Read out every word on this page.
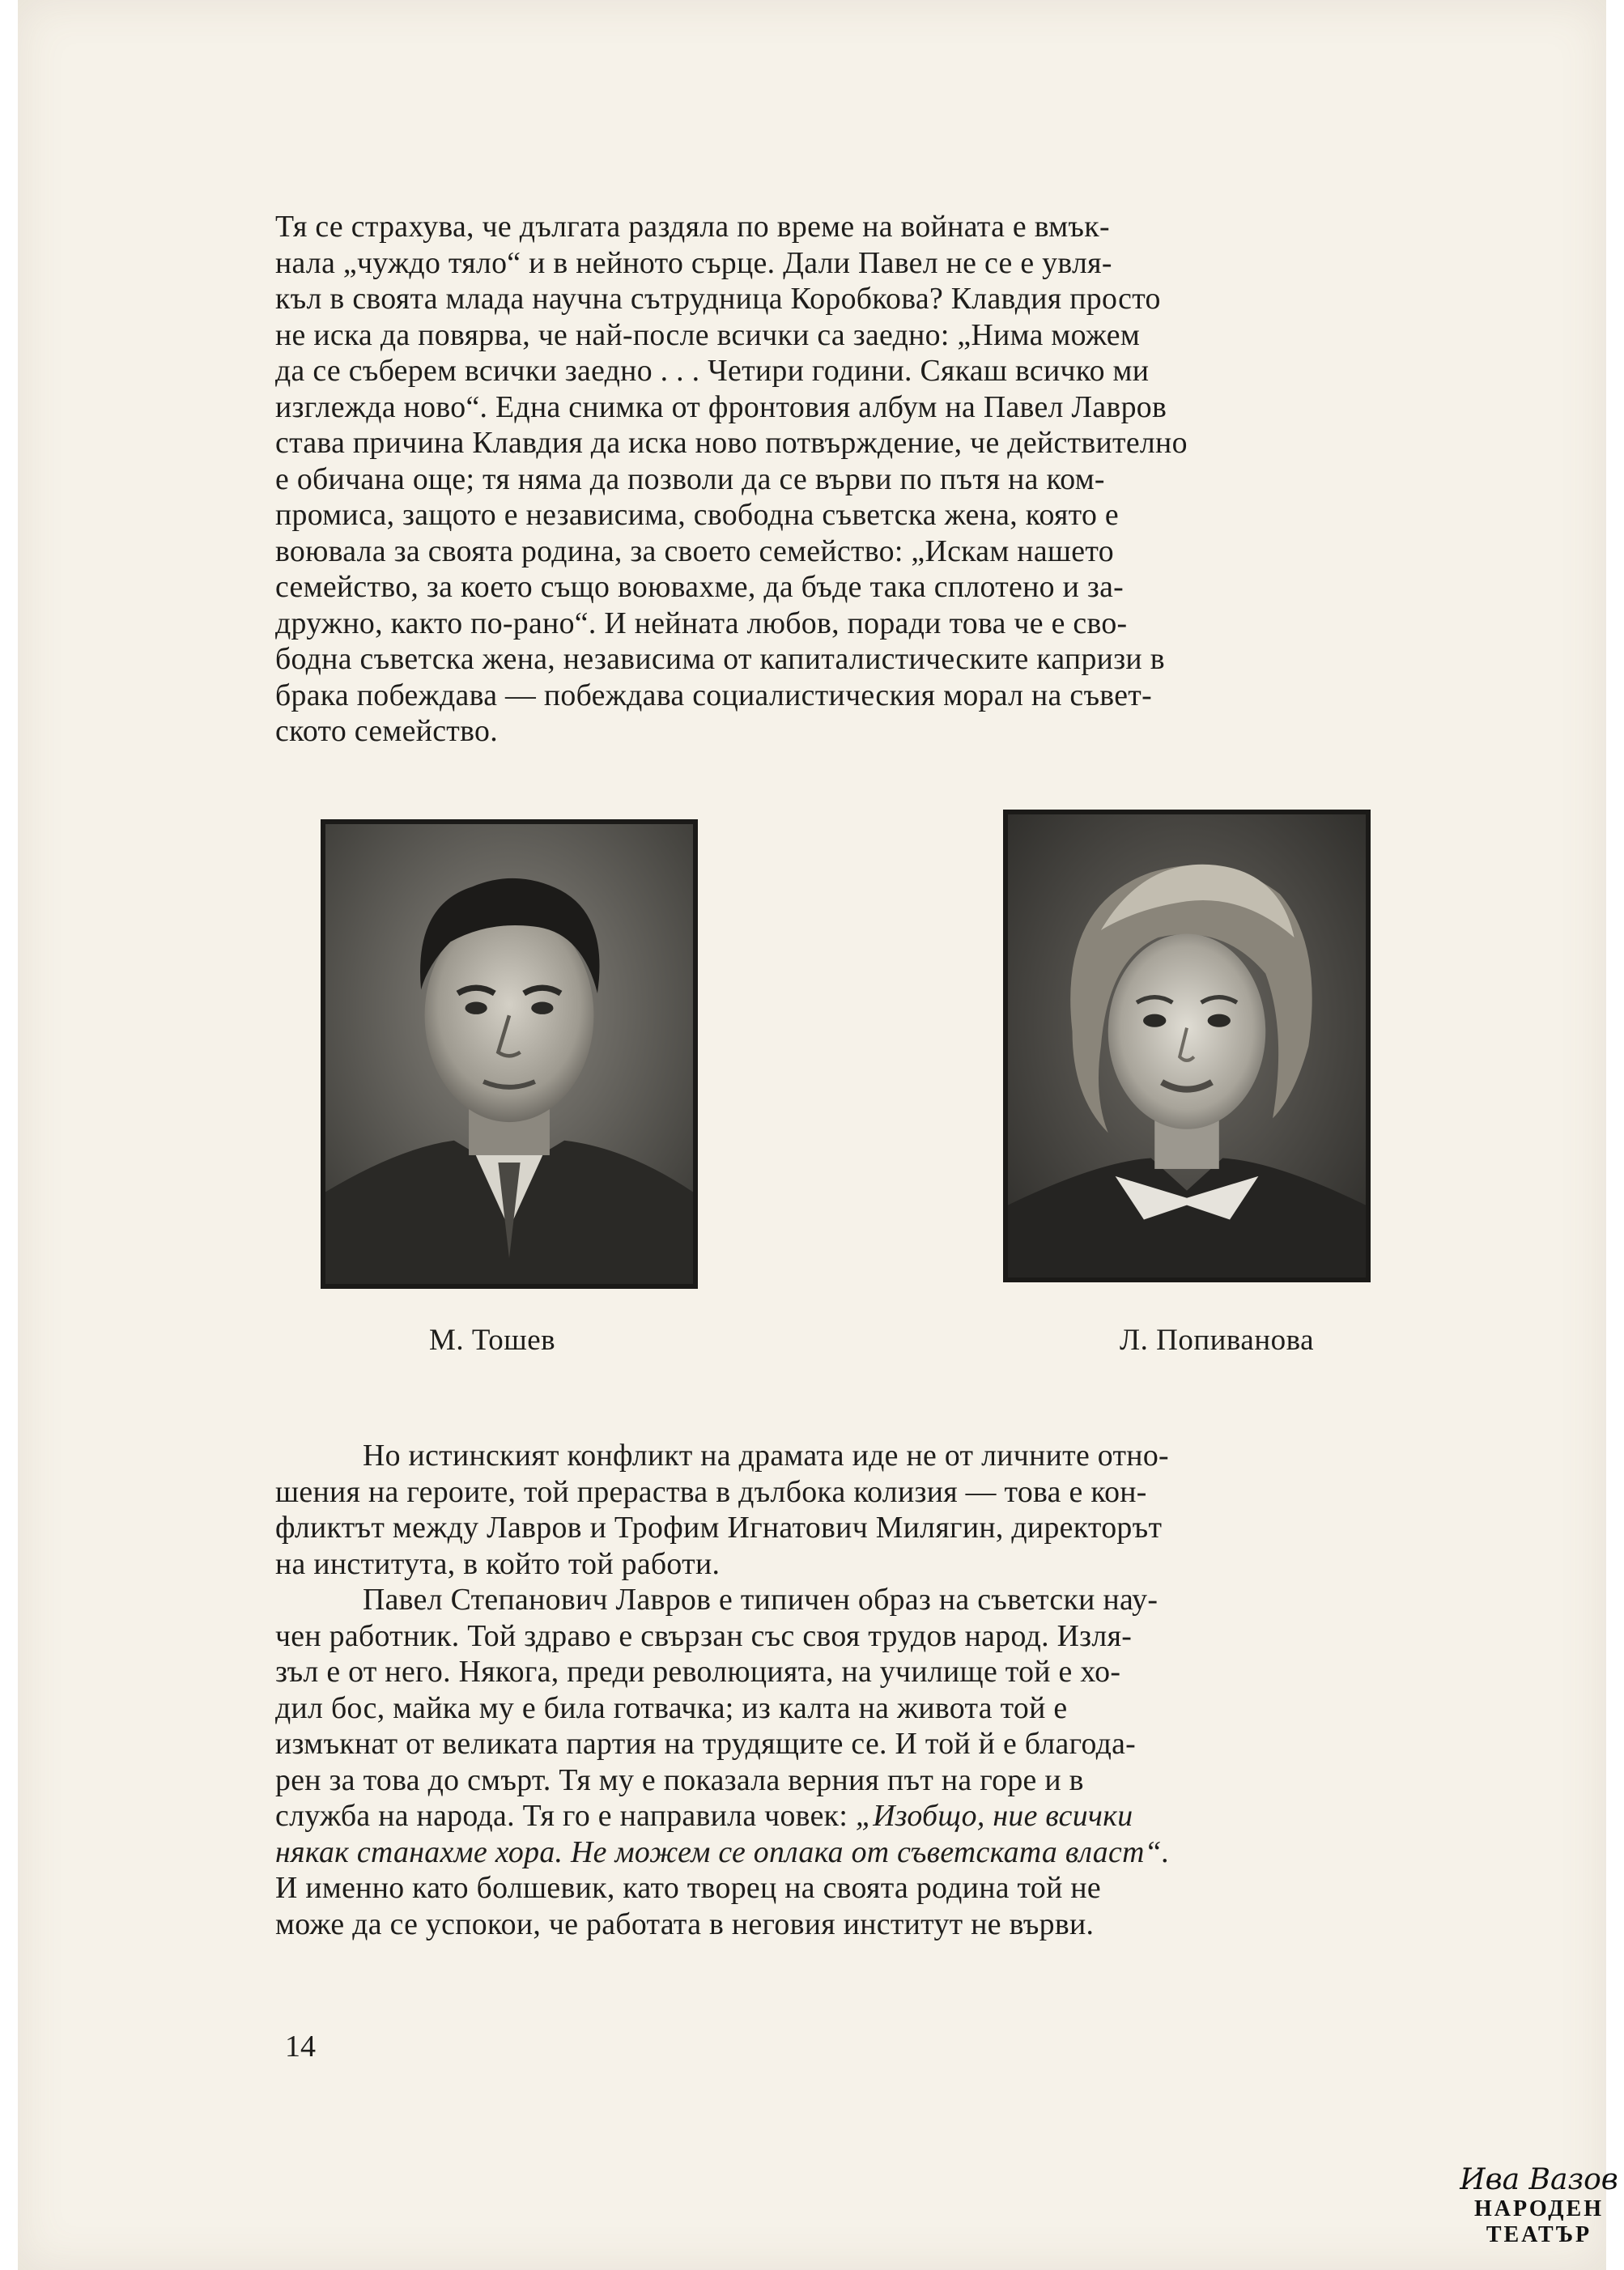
Тя се страхува, че дългата раздяла по време на войната е вмък-
нала „чуждо тяло“ и в нейното сърце. Дали Павел не се е увля-
къл в своята млада научна сътрудница Коробкова? Клавдия просто
не иска да повярва, че най-после всички са заедно: „Нима можем
да се съберем всички заедно . . . Четири години. Сякаш всичко ми
изглежда ново“. Една снимка от фронтовия албум на Павел Лавров
става причина Клавдия да иска ново потвърждение, че действително
е обичана още; тя няма да позволи да се върви по пътя на ком-
промиса, защото е независима, свободна съветска жена, която е
воювала за своята родина, за своето семейство: „Искам нашето
семейство, за което също воювахме, да бъде така сплотено и за-
дружно, както по-рано“. И нейната любов, поради това че е сво-
бодна съветска жена, независима от капиталистическите капризи в
брака побеждава — побеждава социалистическия морал на съвет-
ското семейство.

М. Тошев	Л. Попиванова

Но истинският конфликт на драмата иде не от личните отно-
шения на героите, той прераства в дълбока колизия — това е кон-
фликтът между Лавров и Трофим Игнатович Милягин, директорът
на института, в който той работи.

Павел Степанович Лавров е типичен образ на съветски нау-
чен работник. Той здраво е свързан със своя трудов народ. Изля-
зъл е от него. Някога, преди революцията, на училище той е хо-
дил бос, майка му е била готвачка; из калта на живота той е
измъкнат от великата партия на трудящите се. И той й е благода-
рен за това до смърт. Тя му е показала верния път на горе и в
служба на народа. Тя го е направила човек: „Изобщо, ние всички
някак станахме хора. Не можем се оплака от съветската власт“.
И именно като болшевик, като творец на своята родина той не
може да се успокои, че работата в неговия институт не върви.

14
Ива Вазов
НАРОДЕН
ТЕАТЪР
